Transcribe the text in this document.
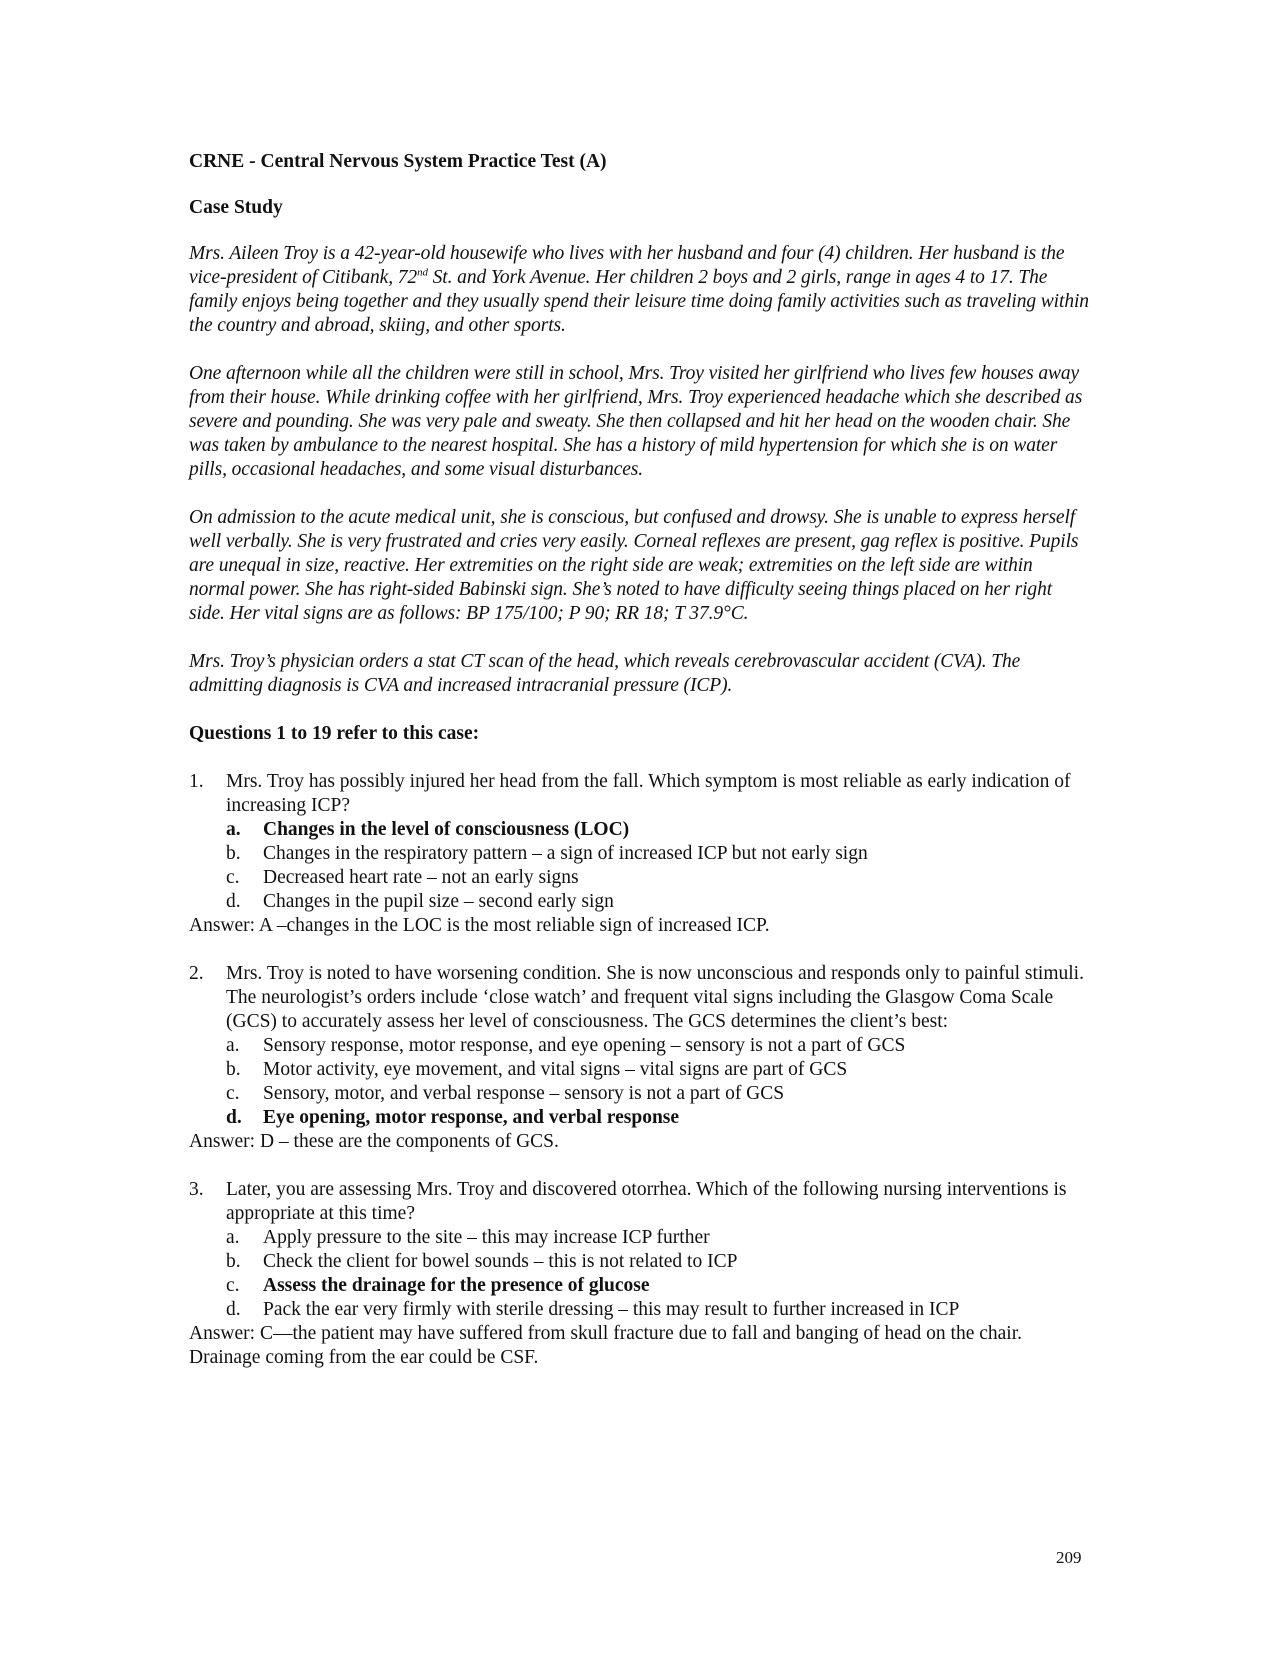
CRNE - Central Nervous System Practice Test (A)
Case Study
Mrs. Aileen Troy is a 42-year-old housewife who lives with her husband and four (4) children. Her husband is the vice-president of Citibank, 72nd St. and York Avenue. Her children 2 boys and 2 girls, range in ages 4 to 17. The family enjoys being together and they usually spend their leisure time doing family activities such as traveling within the country and abroad, skiing, and other sports.
One afternoon while all the children were still in school, Mrs. Troy visited her girlfriend who lives few houses away from their house. While drinking coffee with her girlfriend, Mrs. Troy experienced headache which she described as severe and pounding. She was very pale and sweaty. She then collapsed and hit her head on the wooden chair. She was taken by ambulance to the nearest hospital. She has a history of mild hypertension for which she is on water pills, occasional headaches, and some visual disturbances.
On admission to the acute medical unit, she is conscious, but confused and drowsy. She is unable to express herself well verbally. She is very frustrated and cries very easily. Corneal reflexes are present, gag reflex is positive. Pupils are unequal in size, reactive. Her extremities on the right side are weak; extremities on the left side are within normal power. She has right-sided Babinski sign. She’s noted to have difficulty seeing things placed on her right side. Her vital signs are as follows: BP 175/100; P 90; RR 18; T 37.9°C.
Mrs. Troy’s physician orders a stat CT scan of the head, which reveals cerebrovascular accident (CVA). The admitting diagnosis is CVA and increased intracranial pressure (ICP).
Questions 1 to 19 refer to this case:
1. Mrs. Troy has possibly injured her head from the fall. Which symptom is most reliable as early indication of increasing ICP?
a. Changes in the level of consciousness (LOC)
b. Changes in the respiratory pattern – a sign of increased ICP but not early sign
c. Decreased heart rate – not an early signs
d. Changes in the pupil size – second early sign
Answer: A –changes in the LOC is the most reliable sign of increased ICP.
2. Mrs. Troy is noted to have worsening condition. She is now unconscious and responds only to painful stimuli. The neurologist’s orders include ‘close watch’ and frequent vital signs including the Glasgow Coma Scale (GCS) to accurately assess her level of consciousness. The GCS determines the client’s best:
a. Sensory response, motor response, and eye opening – sensory is not a part of GCS
b. Motor activity, eye movement, and vital signs – vital signs are part of GCS
c. Sensory, motor, and verbal response – sensory is not a part of GCS
d. Eye opening, motor response, and verbal response
Answer: D – these are the components of GCS.
3. Later, you are assessing Mrs. Troy and discovered otorrhea. Which of the following nursing interventions is appropriate at this time?
a. Apply pressure to the site – this may increase ICP further
b. Check the client for bowel sounds – this is not related to ICP
c. Assess the drainage for the presence of glucose
d. Pack the ear very firmly with sterile dressing – this may result to further increased in ICP
Answer: C—the patient may have suffered from skull fracture due to fall and banging of head on the chair. Drainage coming from the ear could be CSF.
209
